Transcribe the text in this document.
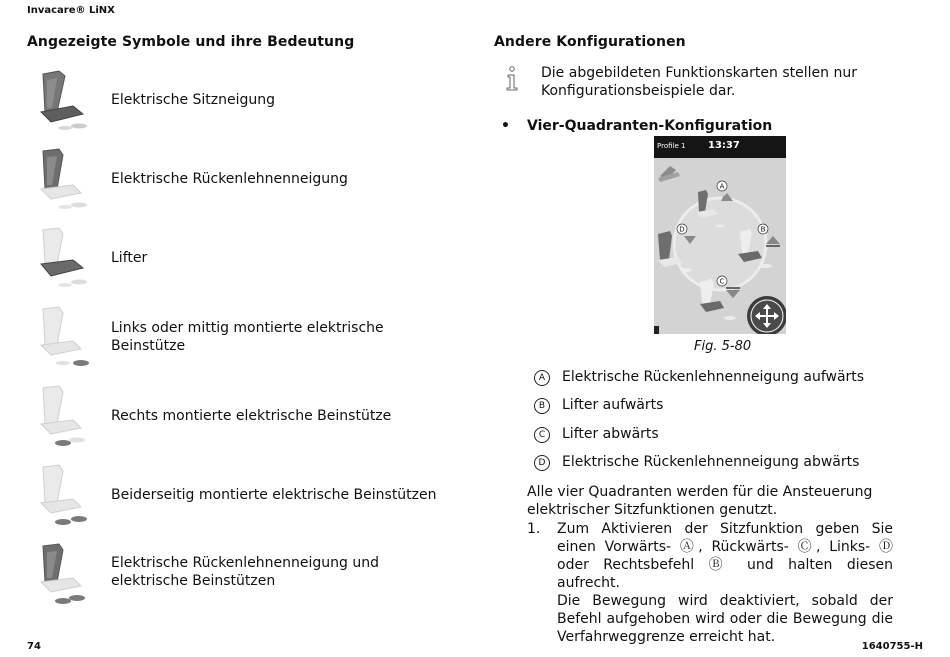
Invacare® LiNX
Angezeigte Symbole und ihre Bedeutung
Elektrische Sitzneigung
Elektrische Rückenlehnenneigung
Lifter
Links oder mittig montierte elektrische Beinstütze
Rechts montierte elektrische Beinstütze
Beiderseitig montierte elektrische Beinstützen
Elektrische Rückenlehnenneigung und elektrische Beinstützen
Andere Konfigurationen
Die abgebildeten Funktionskarten stellen nur Konfigurationsbeispiele dar.
• Vier-Quadranten-Konfiguration
Profile 1 13:37
A
D	B
C
Fig. 5-80
A Elektrische Rückenlehnenneigung aufwärts
B Lifter aufwärts
C Lifter abwärts
D Elektrische Rückenlehnenneigung abwärts
Alle vier Quadranten werden für die Ansteuerung elektrischer Sitzfunktionen genutzt.
1. Zum Aktivieren der Sitzfunktion geben Sie einen Vorwärts- Ⓐ, Rückwärts- Ⓒ, Links- Ⓓ oder Rechtsbefehl Ⓑ und halten diesen aufrecht.
Die Bewegung wird deaktiviert, sobald der Befehl aufgehoben wird oder die Bewegung die Verfahrweggrenze erreicht hat.
74	1640755-H
